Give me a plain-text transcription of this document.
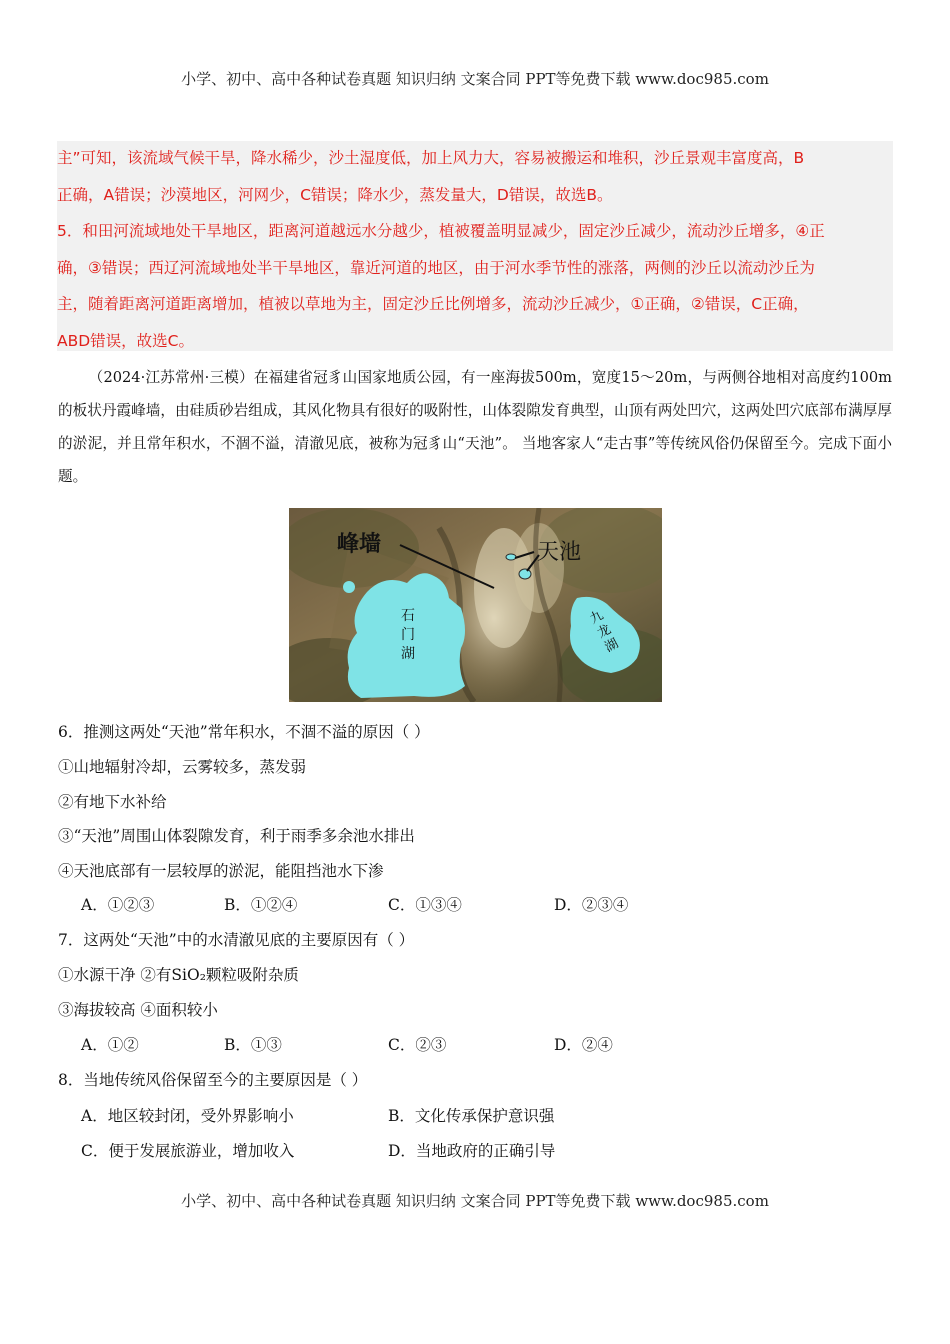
小学、初中、高中各种试卷真题 知识归纳 文案合同 PPT等免费下载 www.doc985.com

主”可知，该流域气候干旱，降水稀少，沙土湿度低，加上风力大，容易被搬运和堆积，沙丘景观丰富度高，B

正确，A错误；沙漠地区，河网少，C错误；降水少，蒸发量大，D错误，故选B。

5．和田河流域地处干旱地区，距离河道越远水分越少，植被覆盖明显减少，固定沙丘减少，流动沙丘增多，④正

确，③错误；西辽河流域地处半干旱地区，靠近河道的地区，由于河水季节性的涨落，两侧的沙丘以流动沙丘为

主，随着距离河道距离增加，植被以草地为主，固定沙丘比例增多，流动沙丘减少，①正确，②错误，C正确，

ABD错误，故选C。

（2024·江苏常州·三模）在福建省冠豸山国家地质公园，有一座海拔500m，宽度15～20m，与两侧谷地相对高度约100m的板状丹霞峰墙，由硅质砂岩组成，其风化物具有很好的吸附性，山体裂隙发育典型，山顶有两处凹穴，这两处凹穴底部布满厚厚的淤泥，并且常年积水，不涸不溢，清澈见底，被称为冠豸山“天池”。 当地客家人“走古事”等传统风俗仍保留至今。完成下面小题。
峰墙	天池
石
门
湖
九
龙
湖
6．推测这两处“天池”常年积水，不涸不溢的原因（ ）
①山地辐射冷却，云雾较多，蒸发弱
②有地下水补给
③“天池”周围山体裂隙发育，利于雨季多余池水排出
④天池底部有一层较厚的淤泥，能阻挡池水下渗
A．①②③	B．①②④	C．①③④	D．②③④
7．这两处“天池”中的水清澈见底的主要原因有（ ）
①水源干净 ②有SiO₂颗粒吸附杂质
③海拔较高 ④面积较小
A．①②	B．①③	C．②③	D．②④
8．当地传统风俗保留至今的主要原因是（ ）
A．地区较封闭，受外界影响小	B．文化传承保护意识强
C．便于发展旅游业，增加收入	D．当地政府的正确引导
小学、初中、高中各种试卷真题 知识归纳 文案合同 PPT等免费下载 www.doc985.com
